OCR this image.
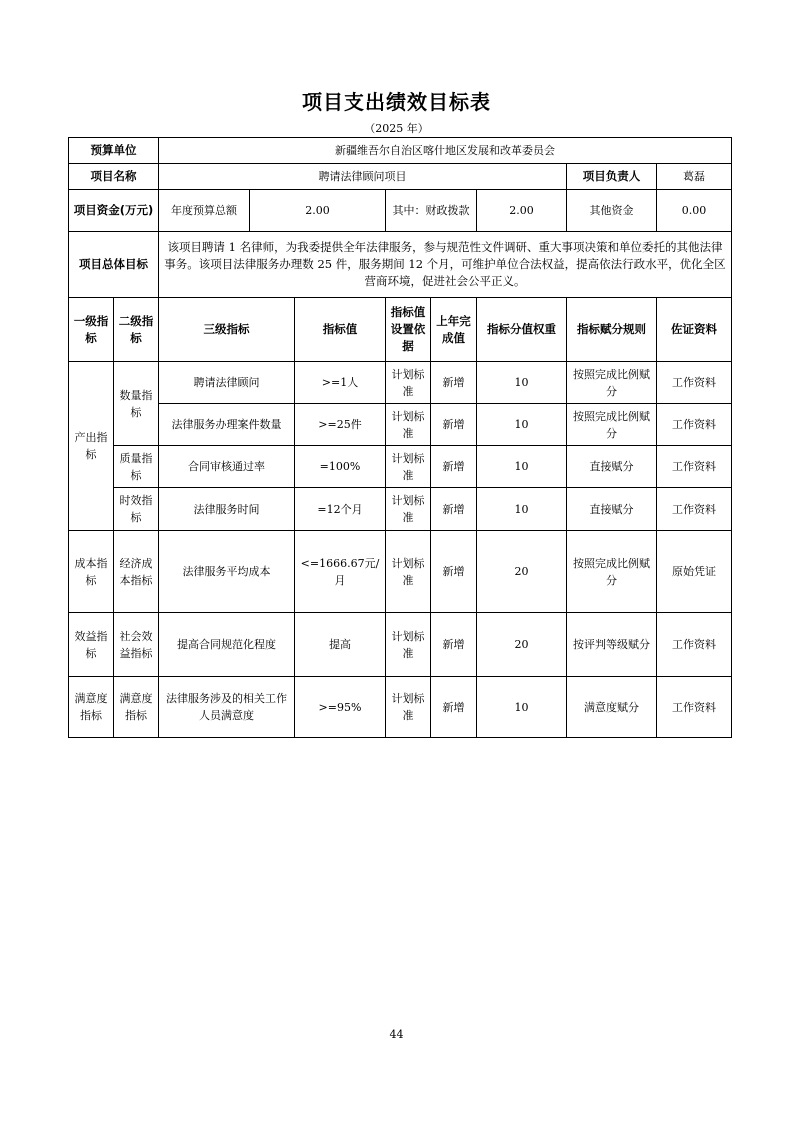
项目支出绩效目标表
（2025 年）
预算单位		新疆维吾尔自治区喀什地区发展和改革委员会							
项目名称		聘请法律顾问项目						项目负责人	葛磊
项目资金(万元)		年度预算总额	2.00		其中：财政拨款		2.00	其他资金	0.00
项目总体目标		该项目聘请 1 名律师，为我委提供全年法律服务，参与规范性文件调研、重大事项决策和单位委托的其他法律事务。该项目法律服务办理数 25 件，服务期间 12 个月，可维护单位合法权益，提高依法行政水平，优化全区营商环境，促进社会公平正义。							
一级指标	二级指标	三级指标		指标值	指标值设置依据	上年完成值	指标分值权重	指标赋分规则	佐证资料
产出指标	数量指标	聘请法律顾问		>=1人	计划标准	新增	10	按照完成比例赋分	工作资料
		法律服务办理案件数量		>=25件	计划标准	新增	10	按照完成比例赋分	工作资料
	质量指标	合同审核通过率		=100%	计划标准	新增	10	直接赋分	工作资料
	时效指标	法律服务时间		=12个月	计划标准	新增	10	直接赋分	工作资料
成本指标	经济成本指标	法律服务平均成本		<=1666.67元/月	计划标准	新增	20	按照完成比例赋分	原始凭证
效益指标	社会效益指标	提高合同规范化程度		提高	计划标准	新增	20	按评判等级赋分	工作资料
满意度指标	满意度指标	法律服务涉及的相关工作人员满意度		>=95%	计划标准	新增	10	满意度赋分	工作资料
44
